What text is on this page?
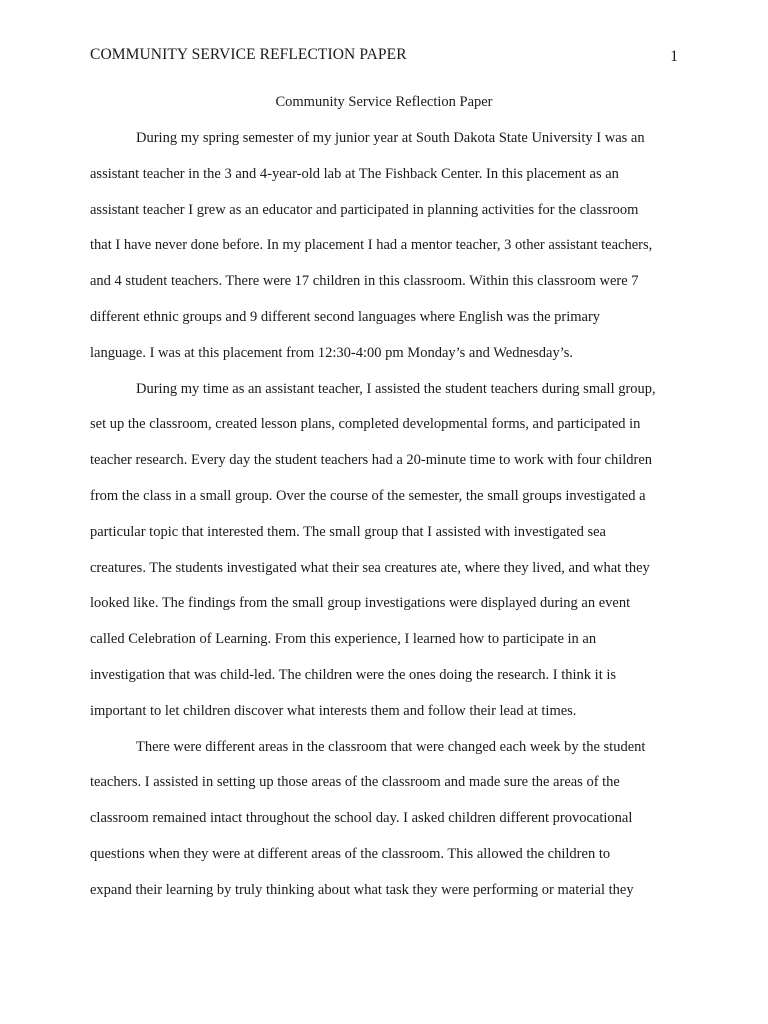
COMMUNITY SERVICE REFLECTION PAPER	1
Community Service Reflection Paper
During my spring semester of my junior year at South Dakota State University I was an
assistant teacher in the 3 and 4-year-old lab at The Fishback Center. In this placement as an
assistant teacher I grew as an educator and participated in planning activities for the classroom
that I have never done before. In my placement I had a mentor teacher, 3 other assistant teachers,
and 4 student teachers. There were 17 children in this classroom. Within this classroom were 7
different ethnic groups and 9 different second languages where English was the primary
language. I was at this placement from 12:30-4:00 pm Monday’s and Wednesday’s.
During my time as an assistant teacher, I assisted the student teachers during small group,
set up the classroom, created lesson plans, completed developmental forms, and participated in
teacher research. Every day the student teachers had a 20-minute time to work with four children
from the class in a small group. Over the course of the semester, the small groups investigated a
particular topic that interested them. The small group that I assisted with investigated sea
creatures. The students investigated what their sea creatures ate, where they lived, and what they
looked like. The findings from the small group investigations were displayed during an event
called Celebration of Learning. From this experience, I learned how to participate in an
investigation that was child-led. The children were the ones doing the research. I think it is
important to let children discover what interests them and follow their lead at times.
There were different areas in the classroom that were changed each week by the student
teachers. I assisted in setting up those areas of the classroom and made sure the areas of the
classroom remained intact throughout the school day. I asked children different provocational
questions when they were at different areas of the classroom. This allowed the children to
expand their learning by truly thinking about what task they were performing or material they
